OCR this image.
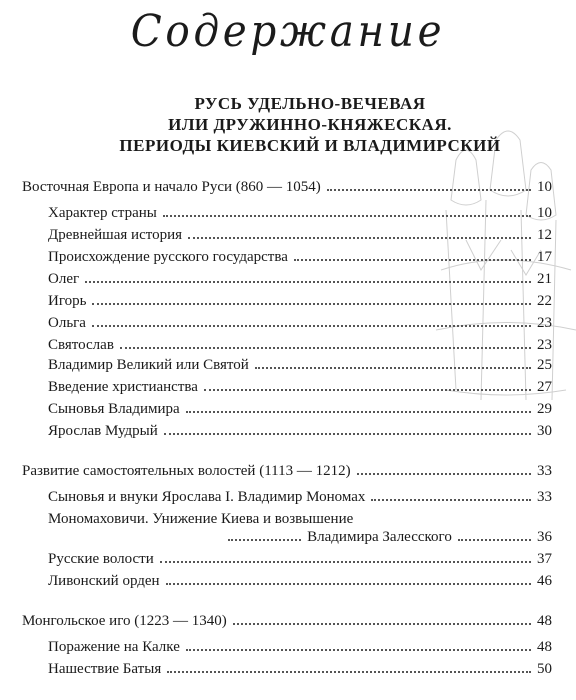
Содержание
РУСЬ УДЕЛЬНО-ВЕЧЕВАЯ
ИЛИ ДРУЖИННО-КНЯЖЕСКАЯ.
ПЕРИОДЫ КИЕВСКИЙ И ВЛАДИМИРСКИЙ
Восточная Европа и начало Руси (860 — 1054)	10
Характер страны	10
Древнейшая история	12
Происхождение русского государства	17
Олег	21
Игорь	22
Ольга	23
Святослав	23
Владимир Великий или Святой	25
Введение христианства	27
Сыновья Владимира	29
Ярослав Мудрый	30
Развитие самостоятельных волостей (1113 — 1212)	33
Сыновья и внуки Ярослава I. Владимир Мономах	33
Мономаховичи. Унижение Киева и возвышение
Владимира Залесского	36
Русские волости	37
Ливонский орден	46
Монгольское иго (1223 — 1340)	48
Поражение на Калке	48
Нашествие Батыя	50
